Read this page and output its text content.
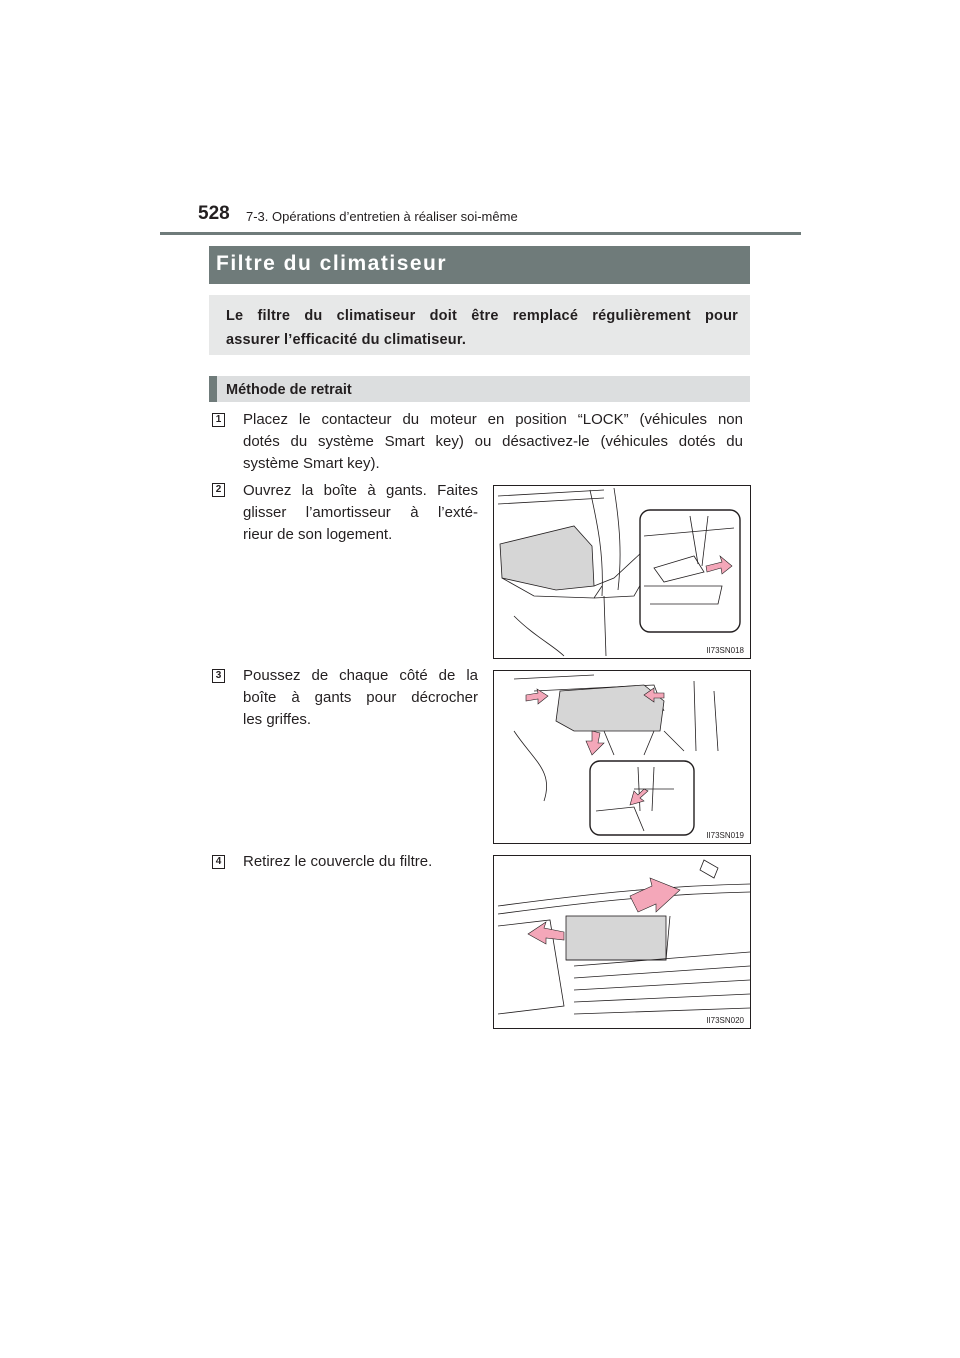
528 7-3. Opérations d’entretien à réaliser soi-même
Filtre du climatiseur
Le filtre du climatiseur doit être remplacé régulièrement pour
assurer l’efficacité du climatiseur.
Méthode de retrait
1 Placez le contacteur du moteur en position “LOCK” (véhicules non
dotés du système Smart key) ou désactivez-le (véhicules dotés du
système Smart key).
2 Ouvrez la boîte à gants. Faites
glisser l’amortisseur à l’exté-
rieur de son logement.
II73SN018
3 Poussez de chaque côté de la
boîte à gants pour décrocher
les griffes.
II73SN019
4 Retirez le couvercle du filtre.
II73SN020
